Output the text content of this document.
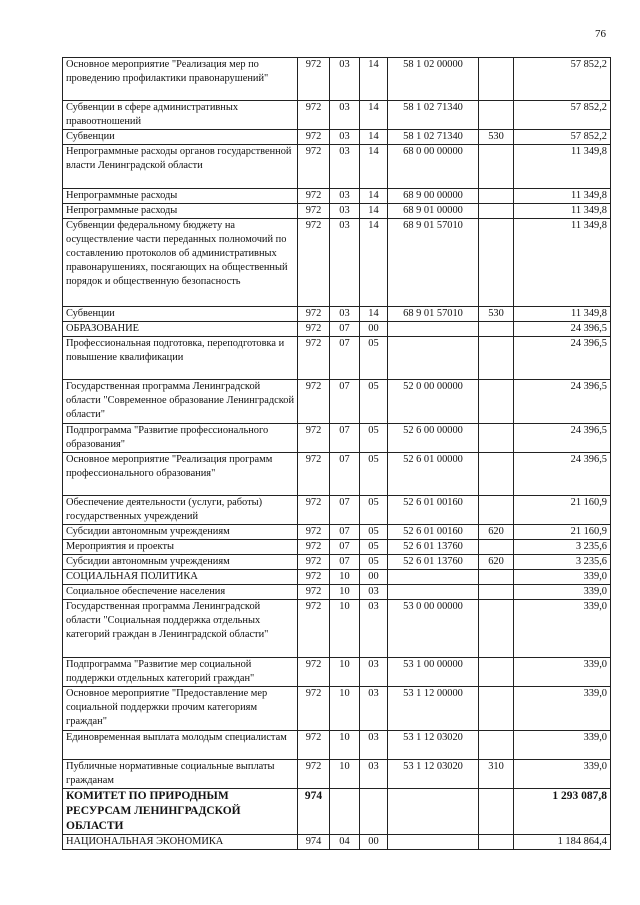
76
Основное мероприятие "Реализация мер по проведению профилактики правонарушений"	972	03	14	58 1 02 00000		57 852,2
Субвенции в сфере административных правоотношений	972	03	14	58 1 02 71340		57 852,2
Субвенции	972	03	14	58 1 02 71340	530	57 852,2
Непрограммные расходы органов государственной власти Ленинградской области	972	03	14	68 0 00 00000		11 349,8
Непрограммные расходы	972	03	14	68 9 00 00000		11 349,8
Непрограммные расходы	972	03	14	68 9 01 00000		11 349,8
Субвенции федеральному бюджету на осуществление части переданных полномочий по составлению протоколов об административных правонарушениях, посягающих на общественный порядок и общественную безопасность	972	03	14	68 9 01 57010		11 349,8
Субвенции	972	03	14	68 9 01 57010	530	11 349,8
ОБРАЗОВАНИЕ	972	07	00			24 396,5
Профессиональная подготовка, переподготовка и повышение квалификации	972	07	05			24 396,5
Государственная программа Ленинградской области "Современное образование Ленинградской области"	972	07	05	52 0 00 00000		24 396,5
Подпрограмма "Развитие профессионального образования"	972	07	05	52 6 00 00000		24 396,5
Основное мероприятие "Реализация программ профессионального образования"	972	07	05	52 6 01 00000		24 396,5
Обеспечение деятельности (услуги, работы) государственных учреждений	972	07	05	52 6 01 00160		21 160,9
Субсидии автономным учреждениям	972	07	05	52 6 01 00160	620	21 160,9
Мероприятия и проекты	972	07	05	52 6 01 13760		3 235,6
Субсидии автономным учреждениям	972	07	05	52 6 01 13760	620	3 235,6
СОЦИАЛЬНАЯ ПОЛИТИКА	972	10	00			339,0
Социальное обеспечение населения	972	10	03			339,0
Государственная программа Ленинградской области "Социальная поддержка отдельных категорий граждан в Ленинградской области"	972	10	03	53 0 00 00000		339,0
Подпрограмма "Развитие мер социальной поддержки отдельных категорий граждан"	972	10	03	53 1 00 00000		339,0
Основное мероприятие "Предоставление мер социальной поддержки прочим категориям граждан"	972	10	03	53 1 12 00000		339,0
Единовременная выплата молодым специалистам	972	10	03	53 1 12 03020		339,0
Публичные нормативные социальные выплаты гражданам	972	10	03	53 1 12 03020	310	339,0
КОМИТЕТ ПО ПРИРОДНЫМ РЕСУРСАМ ЛЕНИНГРАДСКОЙ ОБЛАСТИ	974					1 293 087,8
НАЦИОНАЛЬНАЯ ЭКОНОМИКА	974	04	00			1 184 864,4
